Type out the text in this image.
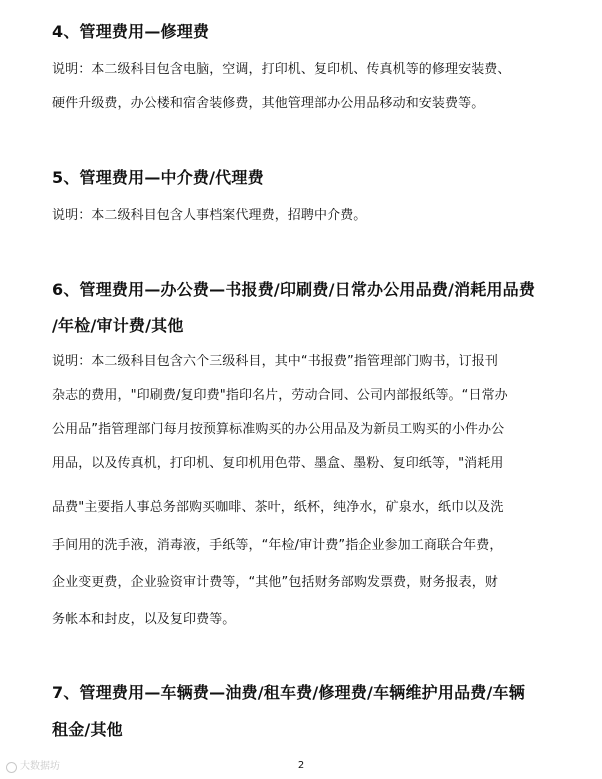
4、管理费用—修理费
说明：本二级科目包含电脑，空调，打印机、复印机、传真机等的修理安装费、
硬件升级费，办公楼和宿舍装修费，其他管理部办公用品移动和安装费等。
5、管理费用—中介费/代理费
说明：本二级科目包含人事档案代理费，招聘中介费。
6、管理费用—办公费—书报费/印刷费/日常办公用品费/消耗用品费
/年检/审计费/其他
说明：本二级科目包含六个三级科目，其中“书报费”指管理部门购书，订报刊
杂志的费用，"印刷费/复印费"指印名片，劳动合同、公司内部报纸等。“日常办
公用品”指管理部门每月按预算标准购买的办公用品及为新员工购买的小件办公
用品，以及传真机，打印机、复印机用色带、墨盒、墨粉、复印纸等，"消耗用
品费"主要指人事总务部购买咖啡、茶叶，纸杯，纯净水，矿泉水，纸巾以及洗
手间用的洗手液，消毒液，手纸等，“年检/审计费”指企业参加工商联合年费，
企业变更费，企业验资审计费等，“其他”包括财务部购发票费，财务报表，财
务帐本和封皮，以及复印费等。
7、管理费用—车辆费—油费/租车费/修理费/车辆维护用品费/车辆
租金/其他
大数据坊	2
